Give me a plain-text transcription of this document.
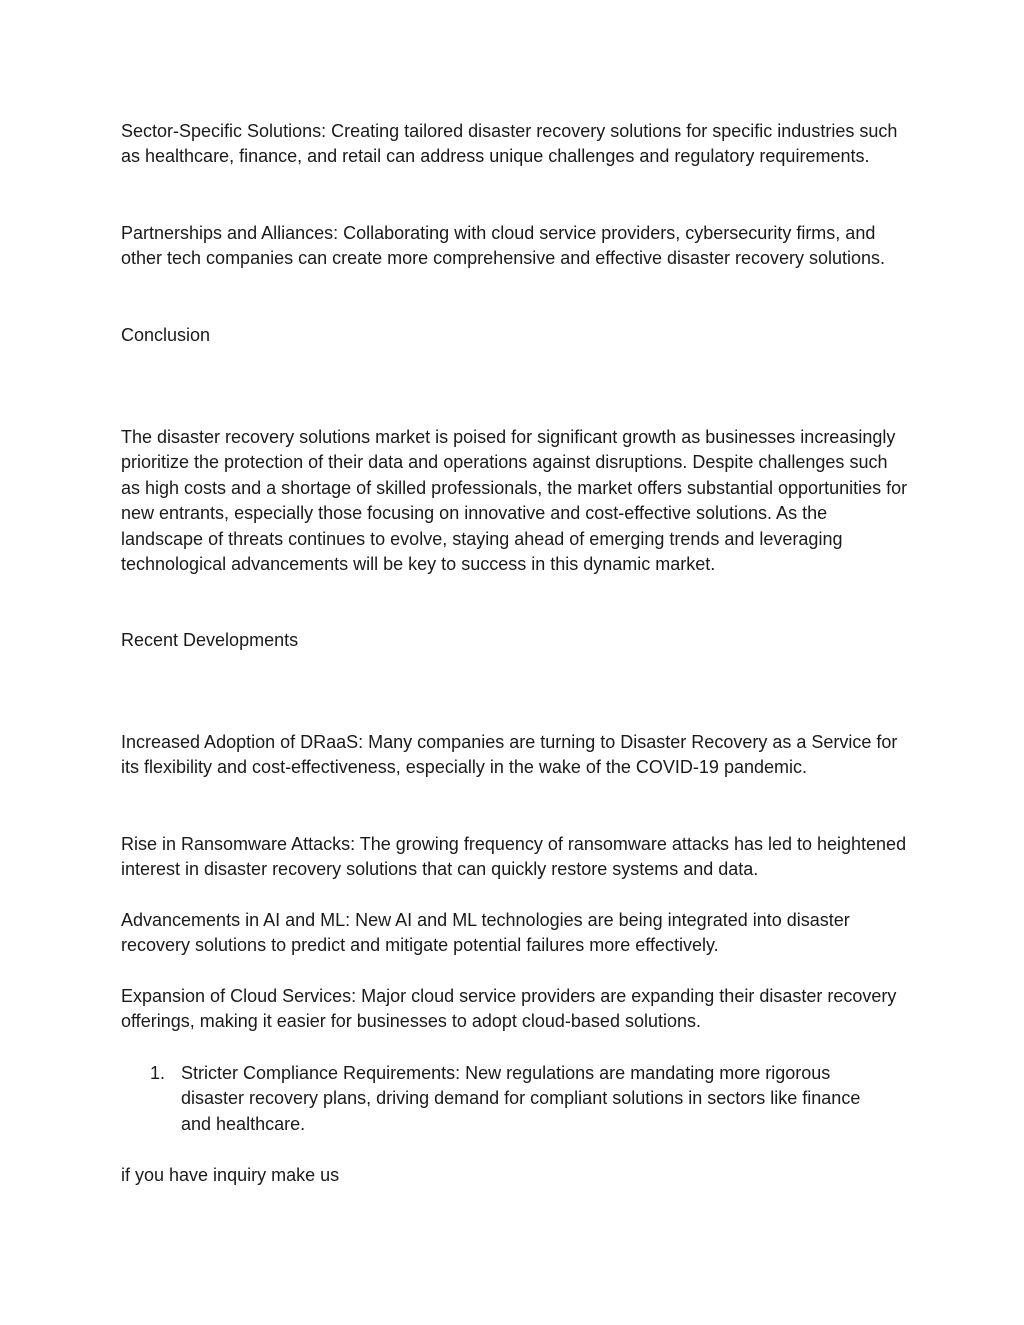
Sector-Specific Solutions: Creating tailored disaster recovery solutions for specific industries such as healthcare, finance, and retail can address unique challenges and regulatory requirements.

Partnerships and Alliances: Collaborating with cloud service providers, cybersecurity firms, and other tech companies can create more comprehensive and effective disaster recovery solutions.

Conclusion

The disaster recovery solutions market is poised for significant growth as businesses increasingly prioritize the protection of their data and operations against disruptions. Despite challenges such as high costs and a shortage of skilled professionals, the market offers substantial opportunities for new entrants, especially those focusing on innovative and cost-effective solutions. As the landscape of threats continues to evolve, staying ahead of emerging trends and leveraging technological advancements will be key to success in this dynamic market.

Recent Developments

Increased Adoption of DRaaS: Many companies are turning to Disaster Recovery as a Service for its flexibility and cost-effectiveness, especially in the wake of the COVID-19 pandemic.

Rise in Ransomware Attacks: The growing frequency of ransomware attacks has led to heightened interest in disaster recovery solutions that can quickly restore systems and data.

Advancements in AI and ML: New AI and ML technologies are being integrated into disaster recovery solutions to predict and mitigate potential failures more effectively.

Expansion of Cloud Services: Major cloud service providers are expanding their disaster recovery offerings, making it easier for businesses to adopt cloud-based solutions.

1. Stricter Compliance Requirements: New regulations are mandating more rigorous disaster recovery plans, driving demand for compliant solutions in sectors like finance and healthcare.

if you have inquiry make us
